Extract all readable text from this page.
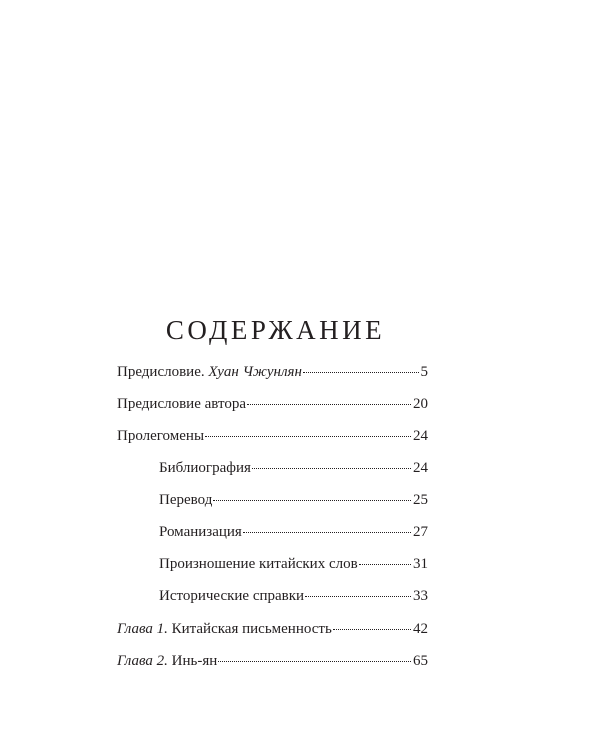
СОДЕРЖАНИЕ
Предисловие. Хуан Чжунлян	5
Предисловие автора	20
Пролегомены	24
Библиография	24
Перевод	25
Романизация	27
Произношение китайских слов	31
Исторические справки	33
Глава 1. Китайская письменность	42
Глава 2. Инь-ян	65
